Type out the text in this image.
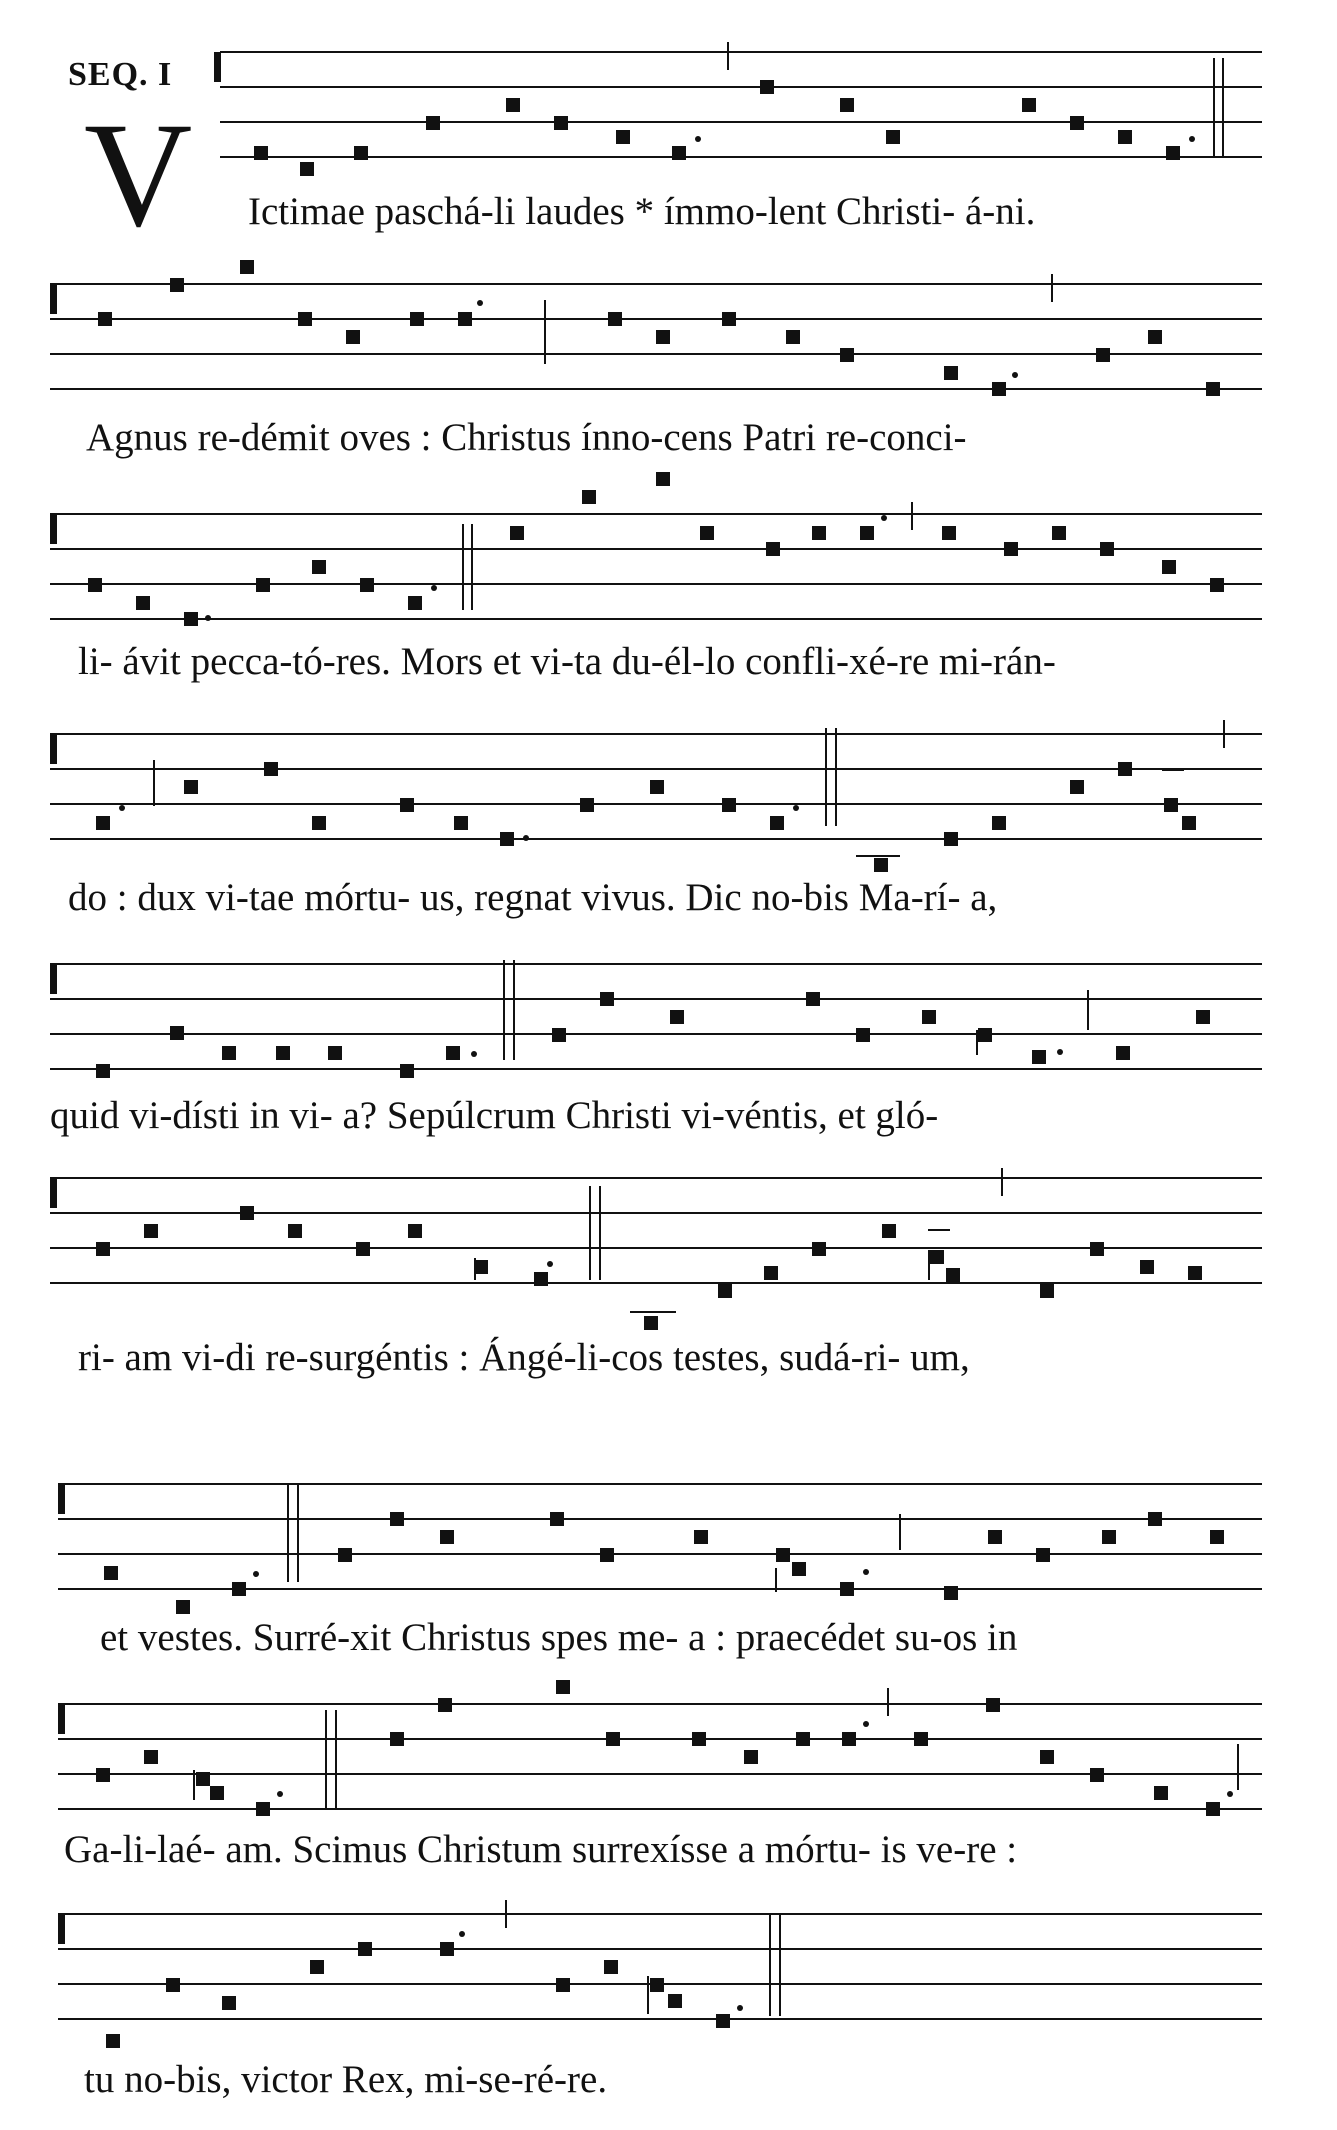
SEQ. I
V Ictimae paschá-li laudes * ímmo-lent Christi- á-ni.
Agnus re-démit oves : Christus ínno-cens Patri re-conci-
li- ávit pecca-tó-res. Mors et vi-ta du-él-lo confli-xé-re mi-rán-
do : dux vi-tae mórtu- us, regnat vivus. Dic no-bis Ma-rí- a,
quid vi-dísti in vi- a? Sepúlcrum Christi vi-véntis, et gló-
ri- am vi-di re-surgéntis : Ángé-li-cos testes, sudá-ri- um,
et vestes. Surré-xit Christus spes me- a : praecédet su-os in
Ga-li-laé- am. Scimus Christum surrexísse a mórtu- is ve-re :
tu no-bis, victor Rex, mi-se-ré-re.
